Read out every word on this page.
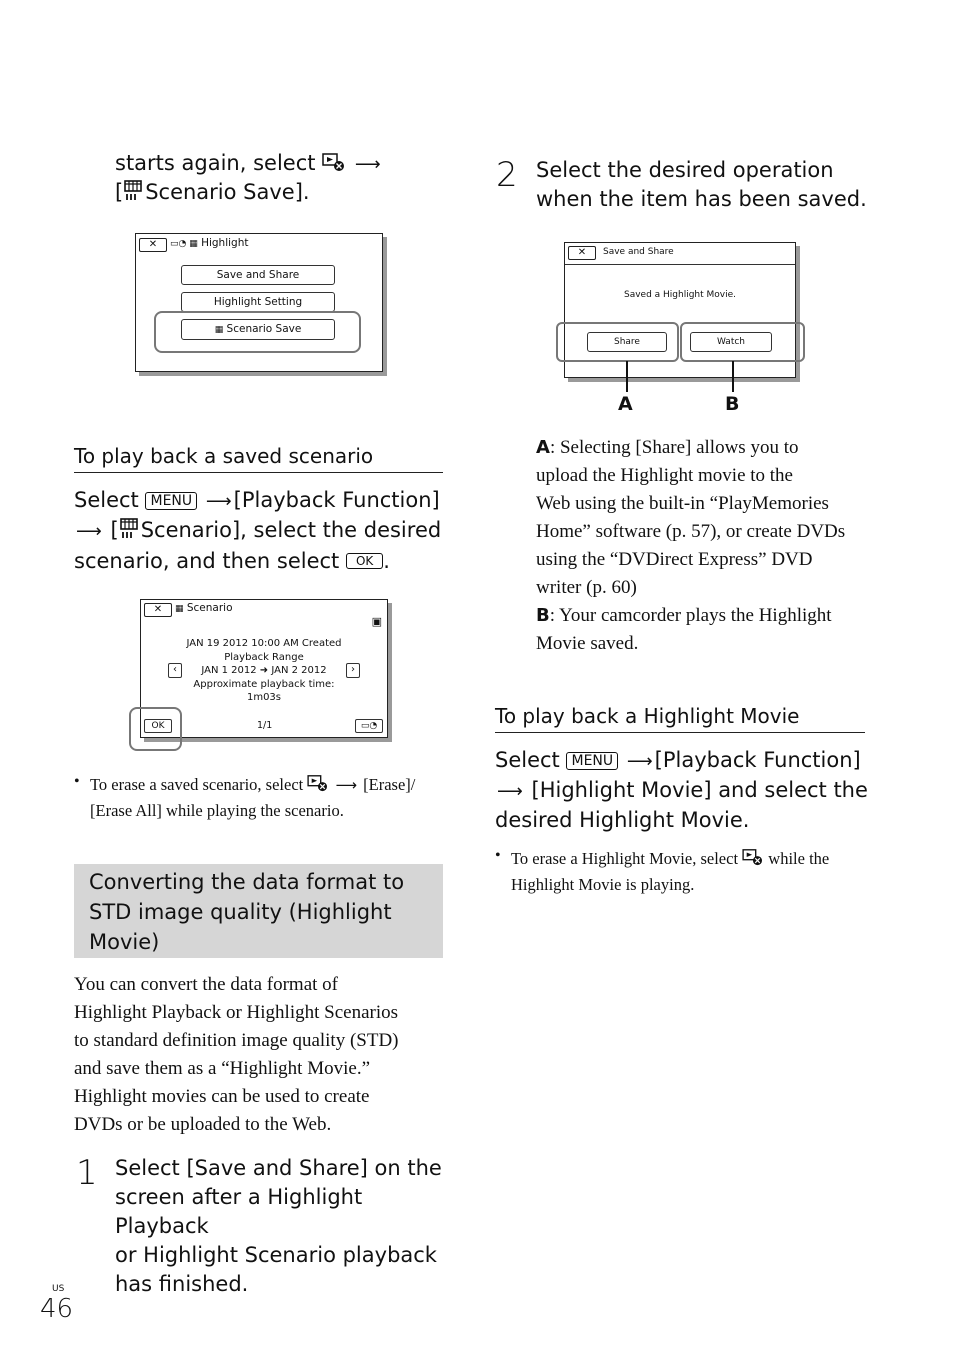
starts again, select ⟶
[ Scenario Save].
✕	▭◔ ▦ Highlight
Save and Share
Highlight Setting
▦ Scenario Save
To play back a saved scenario
Select MENU ⟶[Playback Function]
⟶ [ Scenario], select the desired
scenario, and then select OK .
✕	▦ Scenario
▣
JAN 19 2012 10:00 AM Created
Playback Range
JAN 1 2012 ➜ JAN 2 2012
Approximate playback time:
1m03s
‹	›
OK	1/1	▭◔
• To erase a saved scenario, select ⟶ [Erase]/
[Erase All] while playing the scenario.
Converting the data format to
STD image quality (Highlight
Movie)
You can convert the data format of
Highlight Playback or Highlight Scenarios
to standard definition image quality (STD)
and save them as a “Highlight Movie.”
Highlight movies can be used to create
DVDs or be uploaded to the Web.
1 Select [Save and Share] on the
screen after a Highlight Playback
or Highlight Scenario playback
has finished.
2 Select the desired operation
when the item has been saved.
✕	Save and Share
Saved a Highlight Movie.
Share	Watch
A	B
A: Selecting [Share] allows you to
upload the Highlight movie to the
Web using the built-in “PlayMemories
Home” software (p. 57), or create DVDs
using the “DVDirect Express” DVD
writer (p. 60)
B: Your camcorder plays the Highlight
Movie saved.
To play back a Highlight Movie
Select MENU ⟶[Playback Function]
⟶ [Highlight Movie] and select the
desired Highlight Movie.
• To erase a Highlight Movie, select while the
Highlight Movie is playing.
US
46
